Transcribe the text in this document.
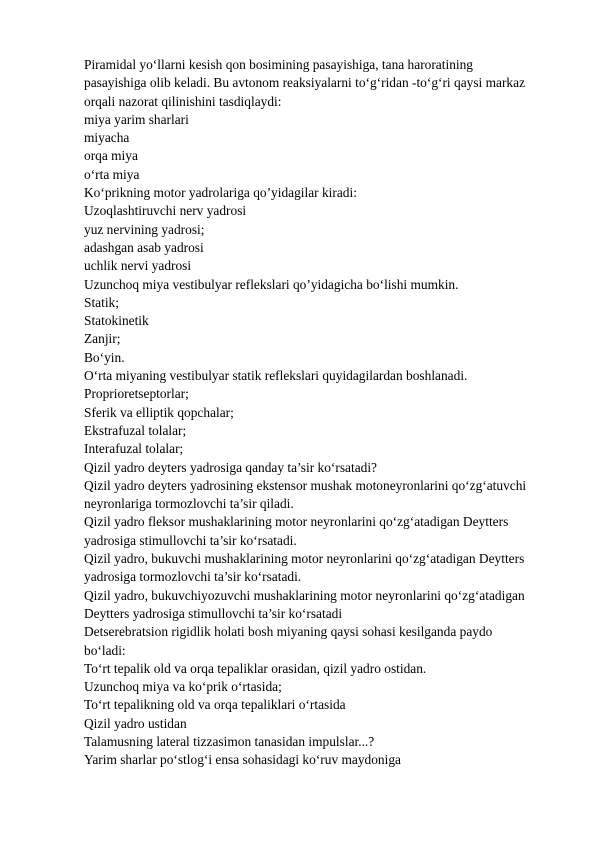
Piramidal yo‘llarni kesish qon bosimining pasayishiga, tana haroratining
pasayishiga olib keladi. Bu avtonom reaksiyalarni to‘g‘ridan -to‘g‘ri qaysi markaz
orqali nazorat qilinishini tasdiqlaydi:
miya yarim sharlari
miyacha
orqa miya
o‘rta miya
Ko‘prikning motor yadrolariga qo’yidagilar kiradi:
Uzoqlashtiruvchi nerv yadrosi
yuz nervining yadrosi;
adashgan asab yadrosi
uchlik nervi yadrosi
Uzunchoq miya vestibulyar reflekslari qo’yidagicha bo‘lishi mumkin.
Statik;
Statokinetik
Zanjir;
Bo‘yin.
O‘rta miyaning vestibulyar statik reflekslari quyidagilardan boshlanadi.
Proprioretseptorlar;
Sferik va elliptik qopchalar;
Ekstrafuzal tolalar;
Interafuzal tolalar;
Qizil yadro deyters yadrosiga qanday ta’sir ko‘rsatadi?
Qizil yadro deyters yadrosining ekstensor mushak motoneyronlarini qo‘zg‘atuvchi
neyronlariga tormozlovchi ta’sir qiladi.
Qizil yadro fleksor mushaklarining motor neyronlarini qo‘zg‘atadigan Deytters
yadrosiga stimullovchi ta’sir ko‘rsatadi.
Qizil yadro, bukuvchi mushaklarining motor neyronlarini qo‘zg‘atadigan Deytters
yadrosiga tormozlovchi ta’sir ko‘rsatadi.
Qizil yadro, bukuvchiyozuvchi mushaklarining motor neyronlarini qo‘zg‘atadigan
Deytters yadrosiga stimullovchi ta’sir ko‘rsatadi
Detserebratsion rigidlik holati bosh miyaning qaysi sohasi kesilganda paydo
bo‘ladi:
To‘rt tepalik old va orqa tepaliklar orasidan, qizil yadro ostidan.
Uzunchoq miya va ko‘prik o‘rtasida;
To‘rt tepalikning old va orqa tepaliklari o‘rtasida
Qizil yadro ustidan
Talamusning lateral tizzasimon tanasidan impulslar...?
Yarim sharlar po‘stlog‘i ensa sohasidagi ko‘ruv maydoniga
